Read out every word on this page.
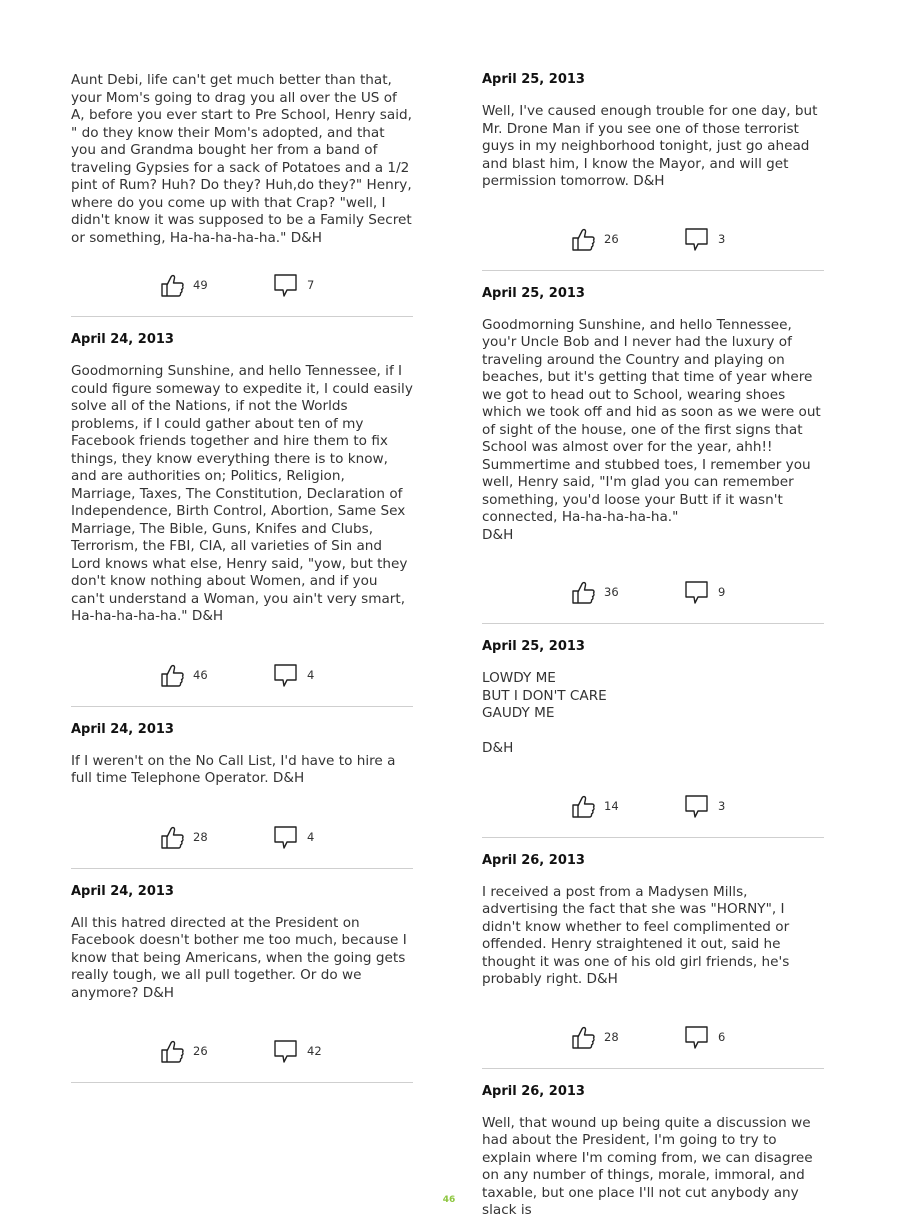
Aunt Debi, life can't get much better than that, your Mom's going to drag you all over the US of A, before you ever start to Pre School, Henry said, " do they know their Mom's adopted, and that you and Grandma bought her from a band of traveling Gypsies for a sack of Potatoes and a 1/2 pint of Rum? Huh? Do they? Huh,do they?" Henry, where do you come up with that Crap? "well, I didn't know it was supposed to be a Family Secret or something, Ha-ha-ha-ha-ha." D&H

49	7
April 24, 2013

Goodmorning Sunshine, and hello Tennessee, if I could figure someway to expedite it, I could easily solve all of the Nations, if not the Worlds problems, if I could gather about ten of my Facebook friends together and hire them to fix things, they know everything there is to know, and are authorities on; Politics, Religion, Marriage, Taxes, The Constitution, Declaration of Independence, Birth Control, Abortion, Same Sex Marriage, The Bible, Guns, Knifes and Clubs, Terrorism, the FBI, CIA, all varieties of Sin and Lord knows what else, Henry said, "yow, but they don't know nothing about Women, and if you can't understand a Woman, you ain't very smart, Ha-ha-ha-ha-ha." D&H

46	4
April 24, 2013

If I weren't on the No Call List, I'd have to hire a full time Telephone Operator. D&H

28	4
April 24, 2013

All this hatred directed at the President on Facebook doesn't bother me too much, because I know that being Americans, when the going gets really tough, we all pull together. Or do we anymore? D&H

26	42
April 25, 2013

Well, I've caused enough trouble for one day, but Mr. Drone Man if you see one of those terrorist guys in my neighborhood tonight, just go ahead and blast him, I know the Mayor, and will get permission tomorrow. D&H

26	3
April 25, 2013

Goodmorning Sunshine, and hello Tennessee, you'r Uncle Bob and I never had the luxury of traveling around the Country and playing on beaches, but it's getting that time of year where we got to head out to School, wearing shoes which we took off and hid as soon as we were out of sight of the house, one of the first signs that School was almost over for the year, ahh!! Summertime and stubbed toes, I remember you well, Henry said, "I'm glad you can remember something, you'd loose your Butt if it wasn't connected, Ha-ha-ha-ha-ha."
D&H

36	9
April 25, 2013

LOWDY ME
BUT I DON'T CARE
GAUDY ME

D&H

14	3
April 26, 2013

I received a post from a Madysen Mills, advertising the fact that she was "HORNY", I didn't know whether to feel complimented or offended. Henry straightened it out, said he thought it was one of his old girl friends, he's probably right. D&H

28	6
April 26, 2013

Well, that wound up being quite a discussion we had about the President, I'm going to try to explain where I'm coming from, we can disagree on any number of things, morale, immoral, and taxable, but one place I'll not cut anybody any slack is

46
